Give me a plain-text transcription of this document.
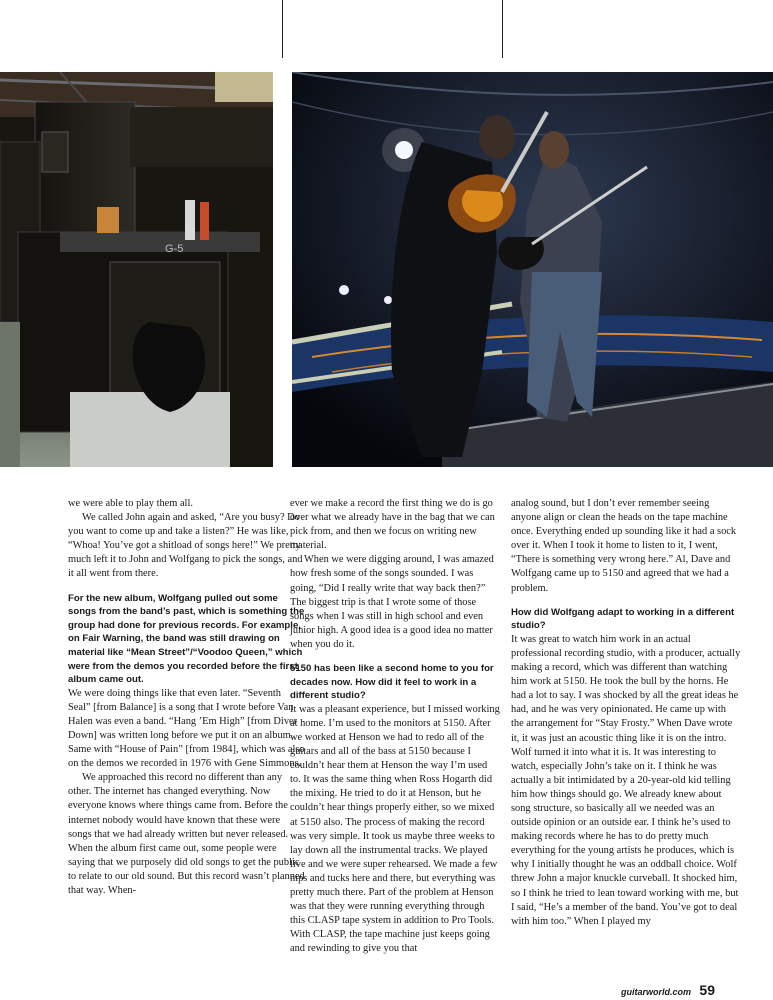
G-5

we were able to play them all.

We called John again and asked, “Are you busy? Do you want to come up and take a listen?” He was like, “Whoa! You’ve got a shitload of songs here!” We pretty much left it to John and Wolfgang to pick the songs, and it all went from there.

For the new album, Wolfgang pulled out some songs from the band’s past, which is something the group had done for previous records. For example, on Fair Warning, the band was still drawing on material like “Mean Street”/“Voodoo Queen,” which were from the demos you recorded before the first album came out.

We were doing things like that even later. “Seventh Seal” [from Balance] is a song that I wrote before Van Halen was even a band. “Hang ’Em High” [from Diver Down] was written long before we put it on an album. Same with “House of Pain” [from 1984], which was also on the demos we recorded in 1976 with Gene Simmons.

We approached this record no different than any other. The internet has changed everything. Now everyone knows where things came from. Before the internet nobody would have known that these were songs that we had already written but never released. When the album first came out, some people were saying that we purposely did old songs to get the public to relate to our old sound. But this record wasn’t planned that way. When-

ever we make a record the first thing we do is go over what we already have in the bag that we can pick from, and then we focus on writing new material.

When we were digging around, I was amazed how fresh some of the songs sounded. I was going, “Did I really write that way back then?” The biggest trip is that I wrote some of those songs when I was still in high school and even junior high. A good idea is a good idea no matter when you do it.

5150 has been like a second home to you for decades now. How did it feel to work in a different studio?

It was a pleasant experience, but I missed working at home. I’m used to the monitors at 5150. After we worked at Henson we had to redo all of the guitars and all of the bass at 5150 because I couldn’t hear them at Henson the way I’m used to. It was the same thing when Ross Hogarth did the mixing. He tried to do it at Henson, but he couldn’t hear things properly either, so we mixed at 5150 also. The process of making the record was very simple. It took us maybe three weeks to lay down all the instrumental tracks. We played live and we were super rehearsed. We made a few nips and tucks here and there, but everything was pretty much there. Part of the problem at Henson was that they were running everything through this CLASP tape system in addition to Pro Tools. With CLASP, the tape machine just keeps going and rewinding to give you that

analog sound, but I don’t ever remember seeing anyone align or clean the heads on the tape machine once. Everything ended up sounding like it had a sock over it. When I took it home to listen to it, I went, “There is something very wrong here.” Al, Dave and Wolfgang came up to 5150 and agreed that we had a problem.

How did Wolfgang adapt to working in a different studio?

It was great to watch him work in an actual professional recording studio, with a producer, actually making a record, which was different than watching him work at 5150. He took the bull by the horns. He had a lot to say. I was shocked by all the great ideas he had, and he was very opinionated. He came up with the arrangement for “Stay Frosty.” When Dave wrote it, it was just an acoustic thing like it is on the intro. Wolf turned it into what it is. It was interesting to watch, especially John’s take on it. I think he was actually a bit intimidated by a 20-year-old kid telling him how things should go. We already knew about song structure, so basically all we needed was an outside opinion or an outside ear. I think he’s used to making records where he has to do pretty much everything for the young artists he produces, which is why I initially thought he was an oddball choice. Wolf threw John a major knuckle curveball. It shocked him, so I think he tried to lean toward working with me, but I said, “He’s a member of the band. You’ve got to deal with him too.” When I played my

guitarworld.com 59
